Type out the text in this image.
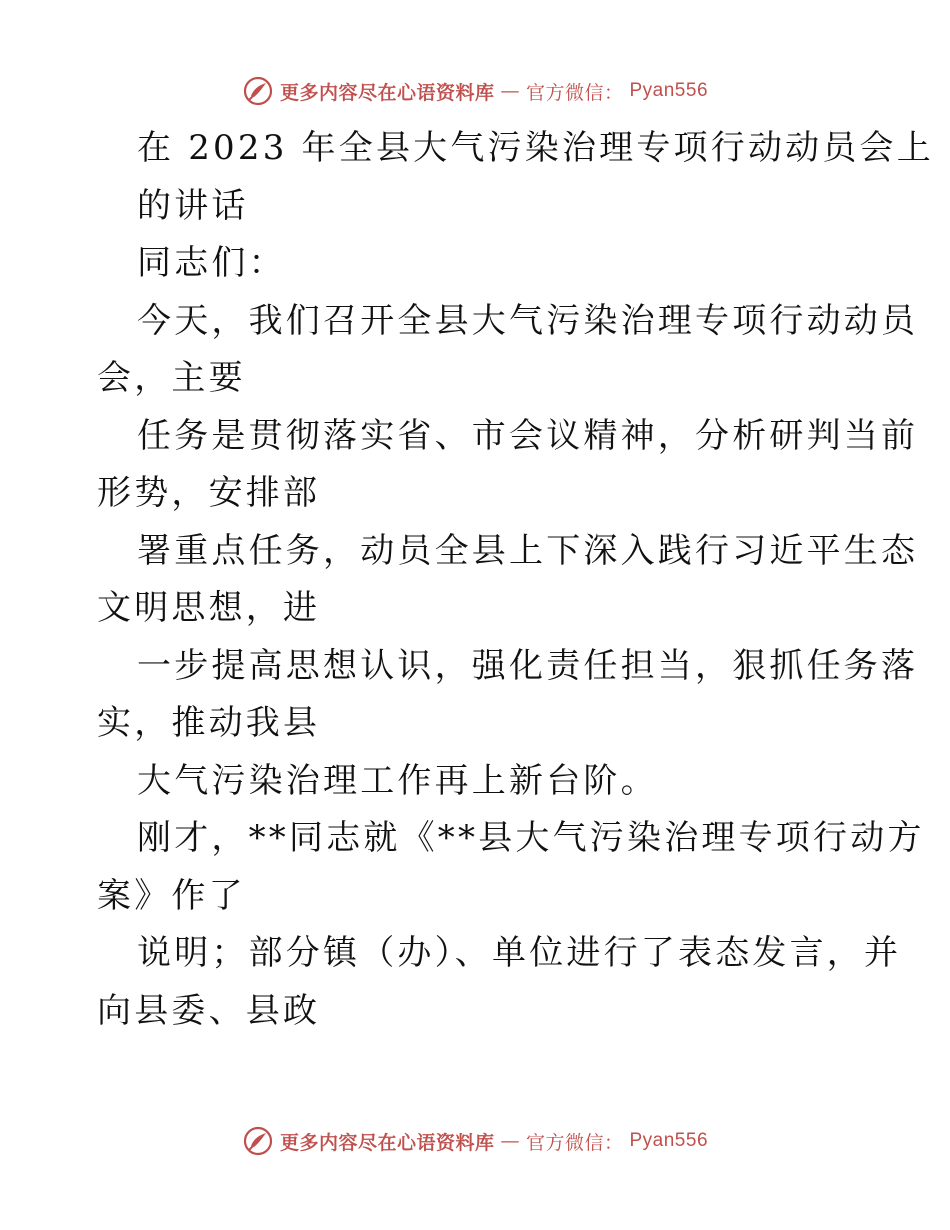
更多内容尽在心语资料库 — 官方微信： Pyan556
在 2023 年全县大气污染治理专项行动动员会上
的讲话
同志们：
今天，我们召开全县大气污染治理专项行动动员
会，主要
任务是贯彻落实省、市会议精神，分析研判当前
形势，安排部
署重点任务，动员全县上下深入践行习近平生态
文明思想，进
一步提高思想认识，强化责任担当，狠抓任务落
实，推动我县
大气污染治理工作再上新台阶。
刚才，**同志就《**县大气污染治理专项行动方
案》作了
说明；部分镇（办）、单位进行了表态发言，并
向县委、县政
更多内容尽在心语资料库 — 官方微信： Pyan556
